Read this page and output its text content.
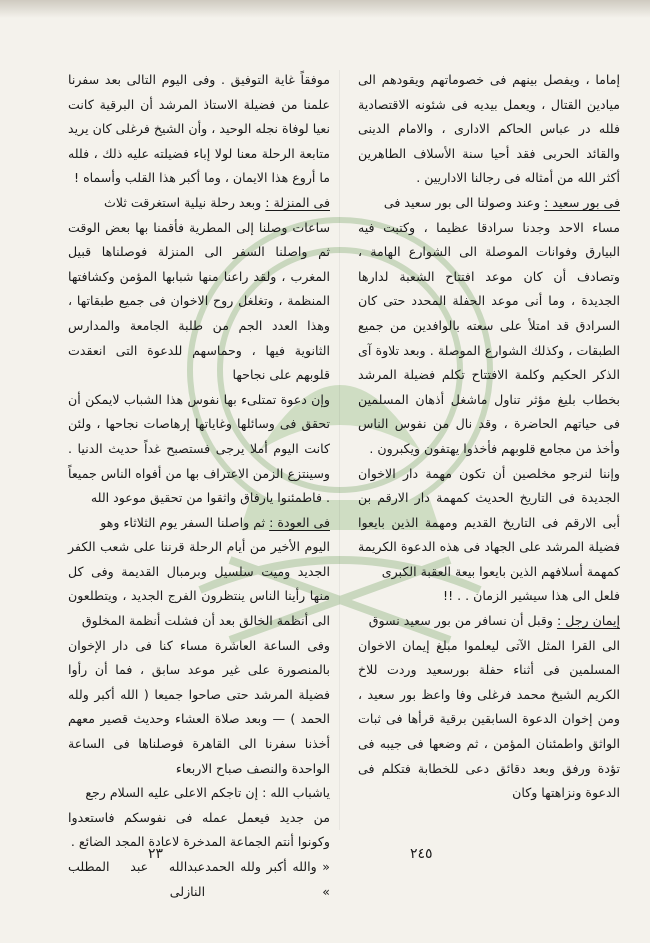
إماما ، ويفصل بينهم فى خصوماتهم ويقودهم الى ميادين القتال ، ويعمل بيديه فى شئونه الاقتصادية فلله در عباس الحاكم الادارى ، والامام الدينى والقائد الحربى فقد أحيا سنة الأسلاف الطاهرين أكثر الله من أمثاله فى رجالنا الاداريين .

فى بور سعيد : وعند وصولنا الى بور سعيد فى

مساء الاحد وجدنا سرادقا عظيما ، وكتبت فيه البيارق وفوانات الموصلة الى الشوارع الهامة ، وتصادف أن كان موعد افتتاح الشعبة لدارها الجديدة ، وما أنى موعد الحفلة المحدد حتى كان السرادق قد امتلأ على سعته بالوافدين من جميع الطبقات ، وكذلك الشوارع الموصلة . وبعد تلاوة آى الذكر الحكيم وكلمة الافتتاح تكلم فضيلة المرشد بخطاب بليغ مؤثر تناول ماشغل أذهان المسلمين فى حياتهم الحاضرة ، وقد نال من نفوس الناس وأخذ من مجامع قلوبهم فأخذوا يهتفون ويكبرون .

وإننا لنرجو مخلصين أن تكون مهمة دار الاخوان الجديدة فى التاريخ الحديث كمهمة دار الارقم بن أبى الارقم فى التاريخ القديم ومهمة الذين بايعوا فضيلة المرشد على الجهاد فى هذه الدعوة الكريمة كمهمة أسلافهم الذين بايعوا بيعة العقبة الكبرى

فلعل الى هذا سيشير الزمان . . !!

إيمان رجل : وقبل أن نسافر من بور سعيد نسوق

الى القرا المثل الآتى ليعلموا مبلغ إيمان الاخوان المسلمين فى أثناء حفلة بورسعيد وردت للاخ الكريم الشيخ محمد فرغلى وفا واعظ بور سعيد ، ومن إخوان الدعوة السابقين برقية قرأها فى ثبات الواثق واطمئنان المؤمن ، ثم وضعها فى جيبه فى تؤدة ورفق وبعد دقائق دعى للخطابة فتكلم فى الدعوة ونزاهتها وكان

موفقاً غاية التوفيق . وفى اليوم التالى بعد سفرنا علمنا من فضيلة الاستاذ المرشد أن البرقية كانت نعيا لوفاة نجله الوحيد ، وأن الشيخ فرغلى كان يريد متابعة الرحلة معنا لولا إباء فضيلته عليه ذلك ، فلله ما أروع هذا الايمان ، وما أكبر هذا القلب وأسماه !

فى المنزلة : وبعد رحلة نيلية استغرقت ثلاث

ساعات وصلنا إلى المطرية فأقمنا بها بعض الوقت ثم واصلنا السفر الى المنزلة فوصلناها قبيل المغرب ، ولقد راعنا منها شبابها المؤمن وكشافتها المنظمة ، وتغلغل روح الاخوان فى جميع طبقاتها ، وهذا العدد الجم من طلبة الجامعة والمدارس الثانوية فيها ، وحماسهم للدعوة التى انعقدت قلوبهم على نجاحها

وإن دعوة تمتلىء بها نفوس هذا الشباب لايمكن أن تحقق فى وسائلها وغاياتها إرهاصات نجاحها ، ولئن كانت اليوم أملا يرجى فستصبح غداً حديث الدنيا . وسينتزع الزمن الاعتراف بها من أفواه الناس جميعاً . فاطمئنوا يارفاق واثقوا من تحقيق موعود الله

فى العودة : ثم واصلنا السفر يوم الثلاثاء وهو

اليوم الأخير من أيام الرحلة قرننا على شعب الكفر الجديد وميت سلسيل وبرمبال القديمة وفى كل منها رأينا الناس ينتظرون الفرج الجديد ، ويتطلعون الى أنظمة الخالق بعد أن فشلت أنظمة المخلوق

وفى الساعة العاشرة مساء كنا فى دار الإخوان بالمنصورة على غير موعد سابق ، فما أن رأوا فضيلة المرشد حتى صاحوا جميعا ( الله أكبر ولله الحمد ) — وبعد صلاة العشاء وحديث قصير معهم أخذنا سفرنا الى القاهرة فوصلناها فى الساعة الواحدة والنصف صباح الاربعاء

ياشباب الله : إن تاجكم الاعلى عليه السلام رجع

من جديد فيعمل عمله فى نفوسكم فاستعدوا وكونوا أنتم الجماعة المدخرة لاعادة المجد الضائع .

« والله أكبر ولله الحمد »
عبدالله عبد المطلب النازلى

٢٤٥
٢٣
